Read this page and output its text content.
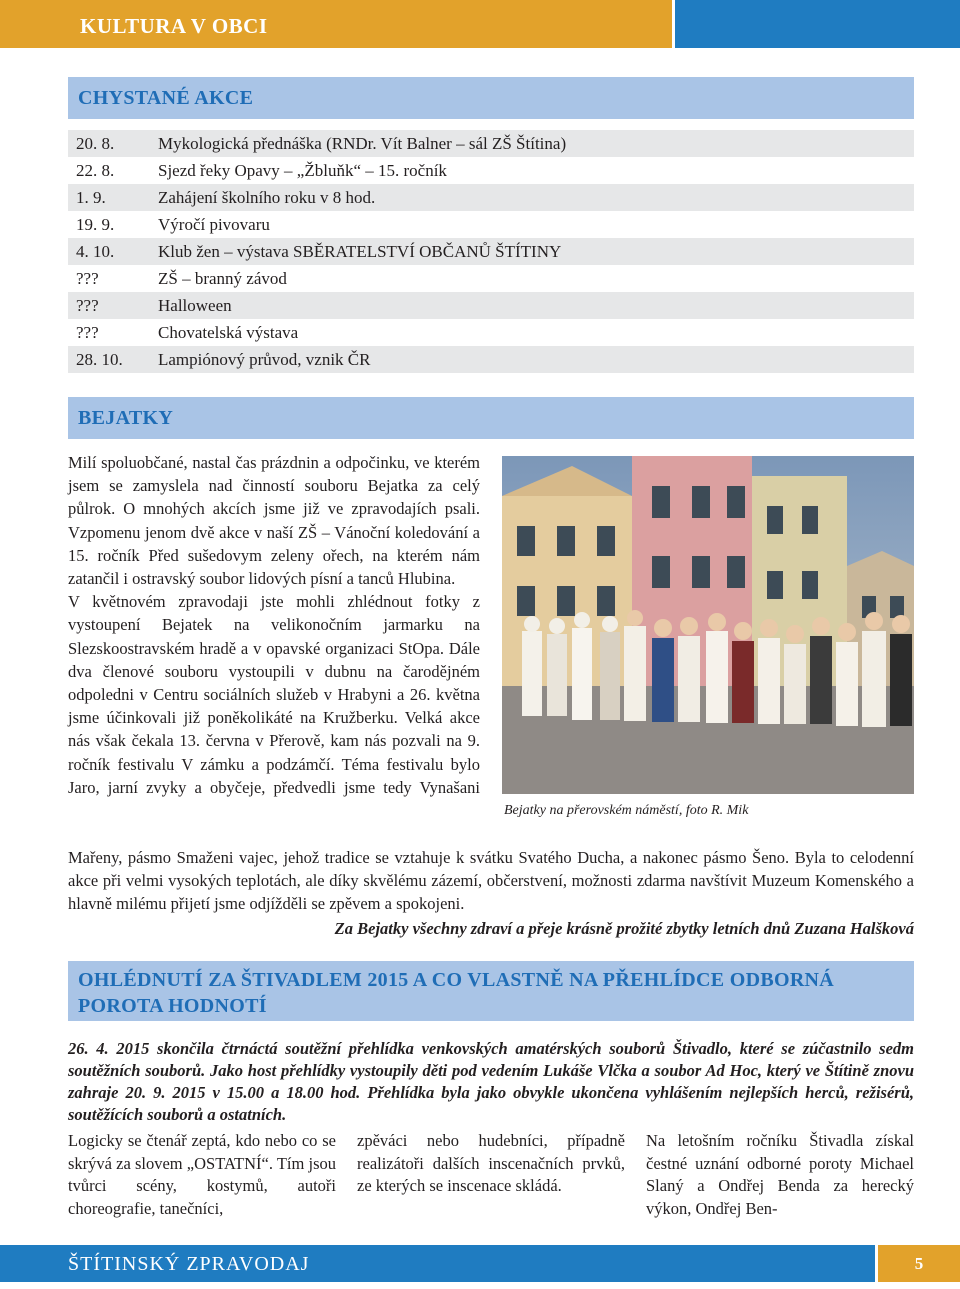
KULTURA V OBCI
CHYSTANÉ AKCE
20. 8.	Mykologická přednáška (RNDr. Vít Balner – sál ZŠ Štítina)
22. 8.	Sjezd řeky Opavy – „Žbluňk“ – 15. ročník
1. 9.	Zahájení školního roku v 8 hod.
19. 9.	Výročí pivovaru
4. 10.	Klub žen – výstava SBĚRATELSTVÍ OBČANŮ ŠTÍTINY
???	ZŠ – branný závod
???	Halloween
???	Chovatelská výstava
28. 10. Lampiónový průvod, vznik ČR
BEJATKY

Milí spoluobčané, nastal čas prázdnin a odpočinku, ve kterém jsem se zamyslela nad činností souboru Bejatka za celý půlrok. O mnohých akcích jsme již ve zpravodajích psali. Vzpomenu jenom dvě akce v naší ZŠ – Vánoční koledování a 15. ročník Před sušedovym zeleny ořech, na kterém nám zatančil i ostravský soubor lidových písní a tanců Hlubina.

V květnovém zpravodaji jste mohli zhlédnout fotky z vystoupení Bejatek na velikonočním jarmarku na Slezskoostravském hradě a v opavské organizaci StOpa. Dále dva členové souboru vystoupili v dubnu na čarodějném odpoledni v Centru sociálních služeb v Hrabyni a 26. května jsme účinkovali již poněkolikáté na Kružberku. Velká akce nás však čekala 13. června v Přerově, kam nás pozvali na 9. ročník festivalu V zámku a podzámčí. Téma festivalu bylo Jaro, jarní zvyky a obyčeje, předvedli jsme tedy Vynašani

Bejatky na přerovském náměstí, foto R. Mik
Mařeny, pásmo Smaženi vajec, jehož tradice se vztahuje k svátku Svatého Ducha, a nakonec pásmo Šeno. Byla to celodenní akce při velmi vysokých teplotách, ale díky skvělému zázemí, občerstvení, možnosti zdarma navštívit Muzeum Komenského a hlavně milému přijetí jsme odjížděli se zpěvem a spokojeni.
Za Bejatky všechny zdraví a přeje krásně prožité zbytky letních dnů Zuzana Halšková
OHLÉDNUTÍ ZA ŠTIVADLEM 2015 A CO VLASTNĚ NA PŘEHLÍDCE ODBORNÁ POROTA HODNOTÍ
26. 4. 2015 skončila čtrnáctá soutěžní přehlídka venkovských amatérských souborů Štivadlo, které se zúčastnilo sedm soutěžních souborů. Jako host přehlídky vystoupily děti pod vedením Lukáše Vlčka a soubor Ad Hoc, který ve Štítině znovu zahraje 20. 9. 2015 v 15.00 a 18.00 hod. Přehlídka byla jako obvykle ukončena vyhlášením nejlepších herců, režisérů, soutěžících souborů a ostatních.
Logicky se čtenář zeptá, kdo nebo co se skrývá za slovem „OSTATNÍ“. Tím jsou tvůrci scény, kostymů, autoři choreografie, tanečníci,
zpěváci nebo hudebníci, případně realizátoři dalších inscenačních prvků, ze kterých se inscenace skládá.
Na letošním ročníku Štivadla získal čestné uznání odborné poroty Michael Slaný a Ondřej Benda za herecký výkon, Ondřej Ben-
ŠTÍTINSKÝ ZPRAVODAJ	5
